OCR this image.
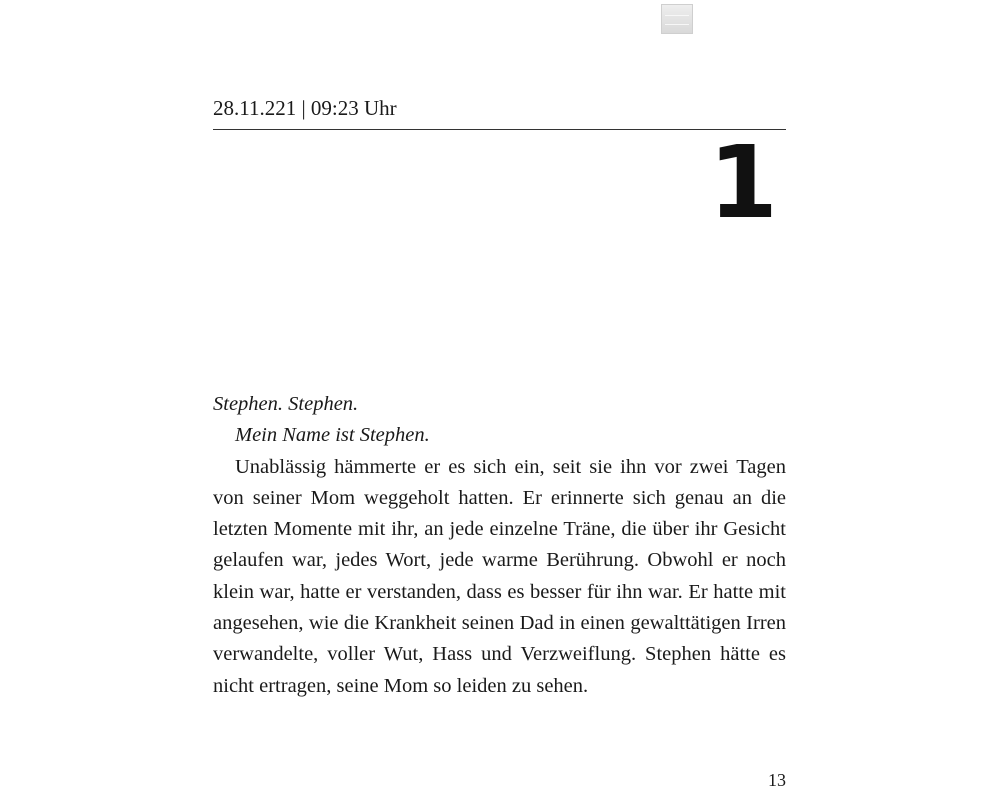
28.11.221 | 09:23 Uhr
1

Stephen. Stephen.

Mein Name ist Stephen.

Unablässig hämmerte er es sich ein, seit sie ihn vor zwei Tagen von seiner Mom weggeholt hatten. Er erinnerte sich genau an die letzten Momente mit ihr, an jede einzelne Träne, die über ihr Gesicht gelaufen war, jedes Wort, jede warme Berührung. Obwohl er noch klein war, hatte er verstanden, dass es besser für ihn war. Er hatte mit angesehen, wie die Krankheit seinen Dad in einen gewalttätigen Irren verwandelte, voller Wut, Hass und Verzweiflung. Stephen hätte es nicht ertragen, seine Mom so leiden zu sehen.

13
